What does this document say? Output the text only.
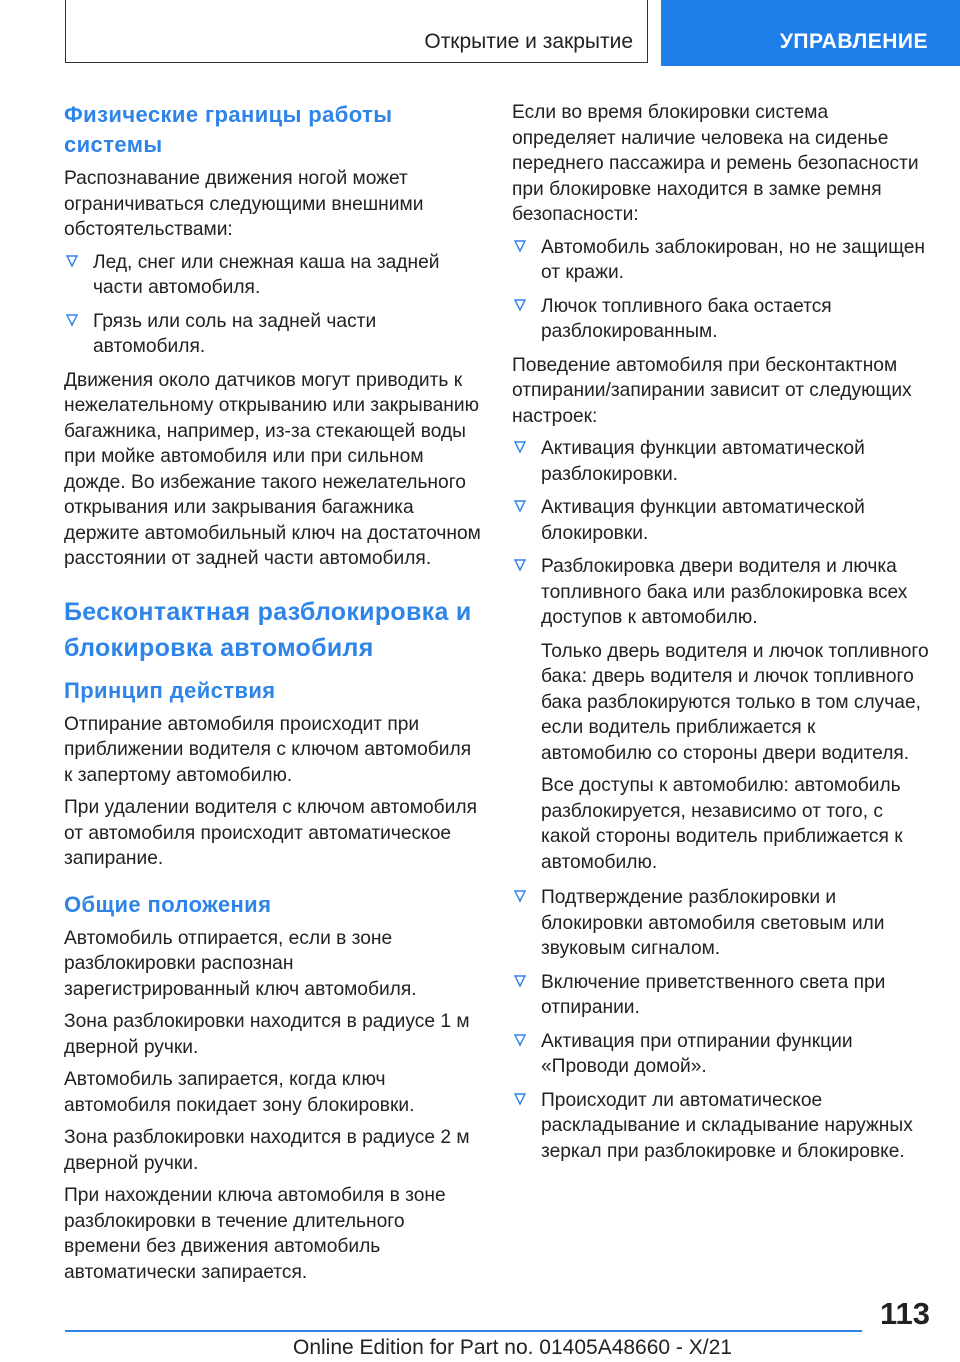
Открытие и закрытие	УПРАВЛЕНИЕ
Физические границы работы системы

Распознавание движения ногой может ограничиваться следующими внешними обстоятельствами:

Лед, снег или снежная каша на задней части автомобиля.
Грязь или соль на задней части автомобиля.

Движения около датчиков могут приводить к нежелательному открыванию или закрыванию багажника, например, из-за стекающей воды при мойке автомобиля или при сильном дожде. Во избежание такого нежелательного открывания или закрывания багажника держите автомобильный ключ на достаточном расстоянии от задней части автомобиля.

Бесконтактная разблокировка и блокировка автомобиля
Принцип действия

Отпирание автомобиля происходит при приближении водителя с ключом автомобиля к запертому автомобилю.

При удалении водителя с ключом автомобиля от автомобиля происходит автоматическое запирание.

Общие положения

Автомобиль отпирается, если в зоне разблокировки распознан зарегистрированный ключ автомобиля.

Зона разблокировки находится в радиусе 1 м дверной ручки.

Автомобиль запирается, когда ключ автомобиля покидает зону блокировки.

Зона разблокировки находится в радиусе 2 м дверной ручки.

При нахождении ключа автомобиля в зоне разблокировки в течение длительного времени без движения автомобиль автоматически запирается.

Если во время блокировки система определяет наличие человека на сиденье переднего пассажира и ремень безопасности при блокировке находится в замке ремня безопасности:

Автомобиль заблокирован, но не защищен от кражи.
Лючок топливного бака остается разблокированным.

Поведение автомобиля при бесконтактном отпирании/запирании зависит от следующих настроек:

Активация функции автоматической разблокировки.
Активация функции автоматической блокировки.
Разблокировка двери водителя и лючка топливного бака или разблокировка всех доступов к автомобилю.

Только дверь водителя и лючок топливного бака: дверь водителя и лючок топливного бака разблокируются только в том случае, если водитель приближается к автомобилю со стороны двери водителя.

Все доступы к автомобилю: автомобиль разблокируется, независимо от того, с какой стороны водитель приближается к автомобилю.

Подтверждение разблокировки и блокировки автомобиля световым или звуковым сигналом.
Включение приветственного света при отпирании.
Активация при отпирании функции «Проводи домой».
Происходит ли автоматическое раскладывание и складывание наружных зеркал при разблокировке и блокировке.
113
Online Edition for Part no. 01405A48660 - X/21
